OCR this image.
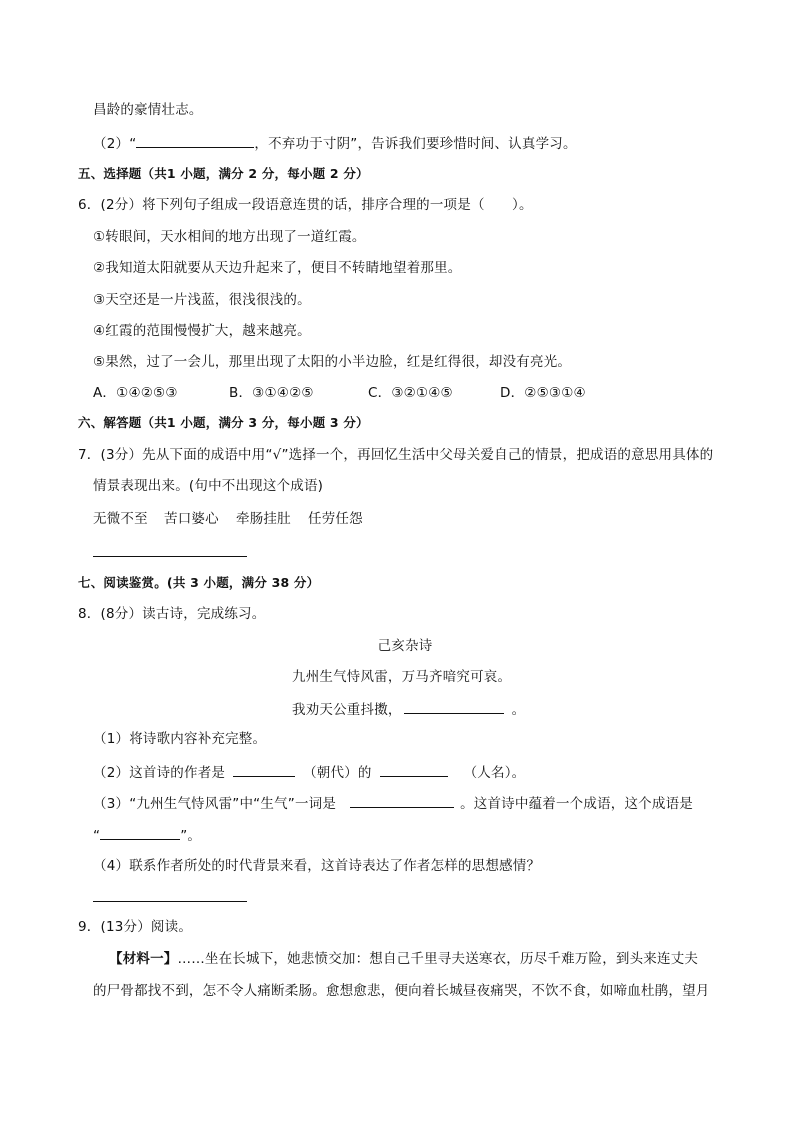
昌龄的豪情壮志。
（2）“	，不弃功于寸阴”，告诉我们要珍惜时间、认真学习。
五、选择题（共1 小题，满分 2 分，每小题 2 分）
6．(2分）将下列句子组成一段语意连贯的话，排序合理的一项是（　　）。
①转眼间，天水相间的地方出现了一道红霞。
②我知道太阳就要从天边升起来了，便目不转睛地望着那里。
③天空还是一片浅蓝，很浅很浅的。
④红霞的范围慢慢扩大，越来越亮。
⑤果然，过了一会儿，那里出现了太阳的小半边脸，红是红得很，却没有亮光。
A．①④②⑤③	B．③①④②⑤	C．③②①④⑤	D．②⑤③①④
六、解答题（共1 小题，满分 3 分，每小题 3 分）
7．(3分）先从下面的成语中用“√”选择一个，再回忆生活中父母关爱自己的情景，把成语的意思用具体的
情景表现出来。(句中不出现这个成语)
无微不至 苦口婆心 牵肠挂肚 任劳任怨
七、阅读鉴赏。(共 3 小题，满分 38 分）
8．(8分）读古诗，完成练习。
己亥杂诗
九州生气恃风雷，万马齐喑究可哀。
我劝天公重抖擞，	。
（1）将诗歌内容补充完整。
（2）这首诗的作者是	（朝代）的	（人名）。
（3）“九州生气恃风雷”中“生气”一词是	。这首诗中蕴着一个成语，这个成语是
“	”。
（4）联系作者所处的时代背景来看，这首诗表达了作者怎样的思想感情？
9．(13分）阅读。
【材料一】……坐在长城下，她悲愤交加：想自己千里寻夫送寒衣，历尽千难万险，到头来连丈夫
的尸骨都找不到，怎不令人痛断柔肠。愈想愈悲，便向着长城昼夜痛哭，不饮不食，如啼血杜鹃，望月
